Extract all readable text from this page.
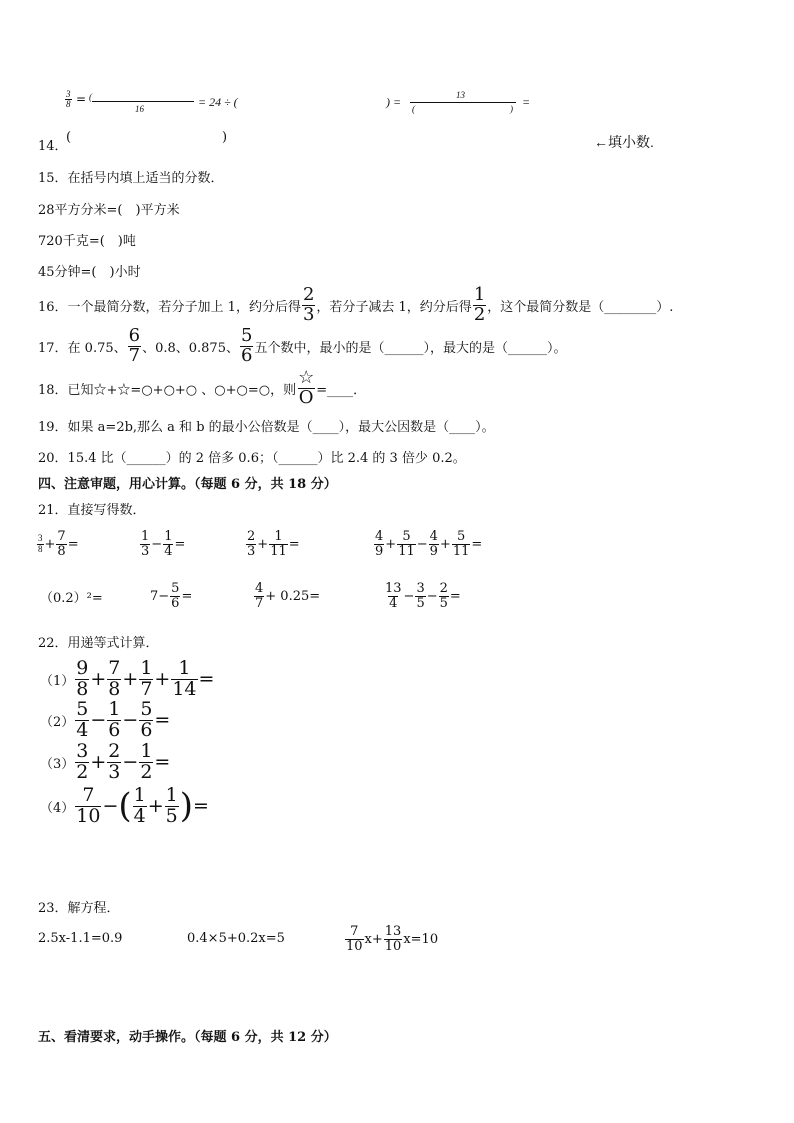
$\frac{3}{8}$ = (
16	= 24 ÷ (	) =	13
(	) =
14．
(	)	←填小数.
15．在括号内填上适当的分数．
28平方分米=(　)平方米
720千克=(　)吨
45分钟=(　)小时
16．一个最简分数，若分子加上 1，约分后得
2
3 ，若分子减去 1，约分后得
1
2 ，这个最简分数是（________）.
17．在 0.75、
6
7 、0.8、0.875、
5
6 五个数中，最小的是（______），最大的是（______）。
18．已知☆+☆=○+○+○ 、○+○=○，则
☆
O =____．
19．如果 a=2b,那么 a 和 b 的最小公倍数是（____），最大公因数是（____）。
20．15.4 比（______）的 2 倍多 0.6；（______）比 2.4 的 3 倍少 0.2。
四、注意审题，用心计算。（每题 6 分，共 18 分）
21．直接写得数．
3
$8 + \frac{7}{8}$ =
1
$3 - \frac{1}{4}$ =
2
$3 + \frac{1}{11}$ =
4
$9 + \frac{5}{11} - \frac{4}{9} + \frac{5}{11}$ =
（0.2）²=	$7- \frac{5}{6}$ =
4
7 + 0.25=
13
$4 - \frac{3}{5} - \frac{2}{5}$ =
22．用递等式计算．
（1）
9
$8 + \frac{7}{8} + \frac{1}{7} + \frac{1}{14}$ =
（2）
5
$4 - \frac{1}{6} - \frac{5}{6}$ =
（3）
3
$2 + \frac{2}{3} - \frac{1}{2}$ =
（4）
7
10 − ( 1
$4 + \frac{1}{5}$ ) =
23．解方程．
2.5x-1.1=0.9	0.4×5+0.2x=5	7
10 $x+ \frac{13}{10} x=10$
五、看清要求，动手操作。（每题 6 分，共 12 分）
